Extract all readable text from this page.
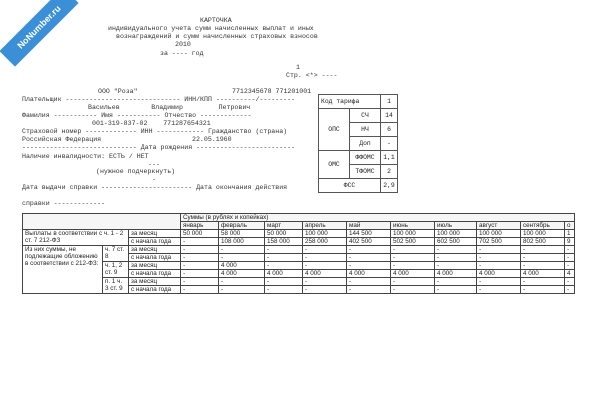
NoNumber.ru	КАРТОЧКА
индивидуального учета сумм начисленных выплат и иных
вознаграждений и сумм начисленных страховых взносов
2010
за ---- год
1
Стр. <*> ----
ООО "Роза"	7712345678 771201001
Плательщик ----------------------------- ИНН/КПП ----------/---------
Васильев        Владимир         Петрович
Фамилия ----------- Имя ----------- Отчество -------------
001-319-837-02    771287654321
Страховой номер ------------- ИНН ------------ Гражданство (страна)
Российская Федерация	22.05.1960
----------------------------- Дата рождения -------------------------
Наличие инвалидности: ЕСТЬ / НЕТ
---
(нужное подчеркнуть)
-
Дата выдачи справки ----------------------- Дата окончания действия
справки -------------
Код тарифа		1
ОПС	СЧ	14
	НЧ	6
	Доп	-
ОМС	ФФОМС	1,1
	ТФОМС	2
ФСС		2,9
			Суммы (в рублях и копейках)									
			январь	февраль	март	апрель	май	июнь	июль	август	сентябрь	о
Выплаты в соответствии с ч. 1 - 2 ст. 7 212-ФЗ		за месяц	50 000	58 000	50 000	100 000	144 500	100 000	100 000	100 000	100 000	1
		с начала года	-	108 000	158 000	258 000	402 500	502 500	602 500	702 500	802 500	9
Из них суммы, не подлежащие обложению в соответствии с 212-ФЗ:	ч. 7 ст. 8	за месяц	-	-	-	-	-	-	-	-	-	-
		с начала года	-	-	-	-	-	-	-	-	-	-
	ч. 1, 2 ст. 9	за месяц	-	4 000	-	-	-	-	-	-	-	-
		с начала года	-	4 000	4 000	4 000	4 000	4 000	4 000	4 000	4 000	4
	п. 1 ч. 3 ст. 9	за месяц	-	-	-	-	-	-	-	-	-	-
		с начала года	-	-	-	-	-	-	-	-	-	-
